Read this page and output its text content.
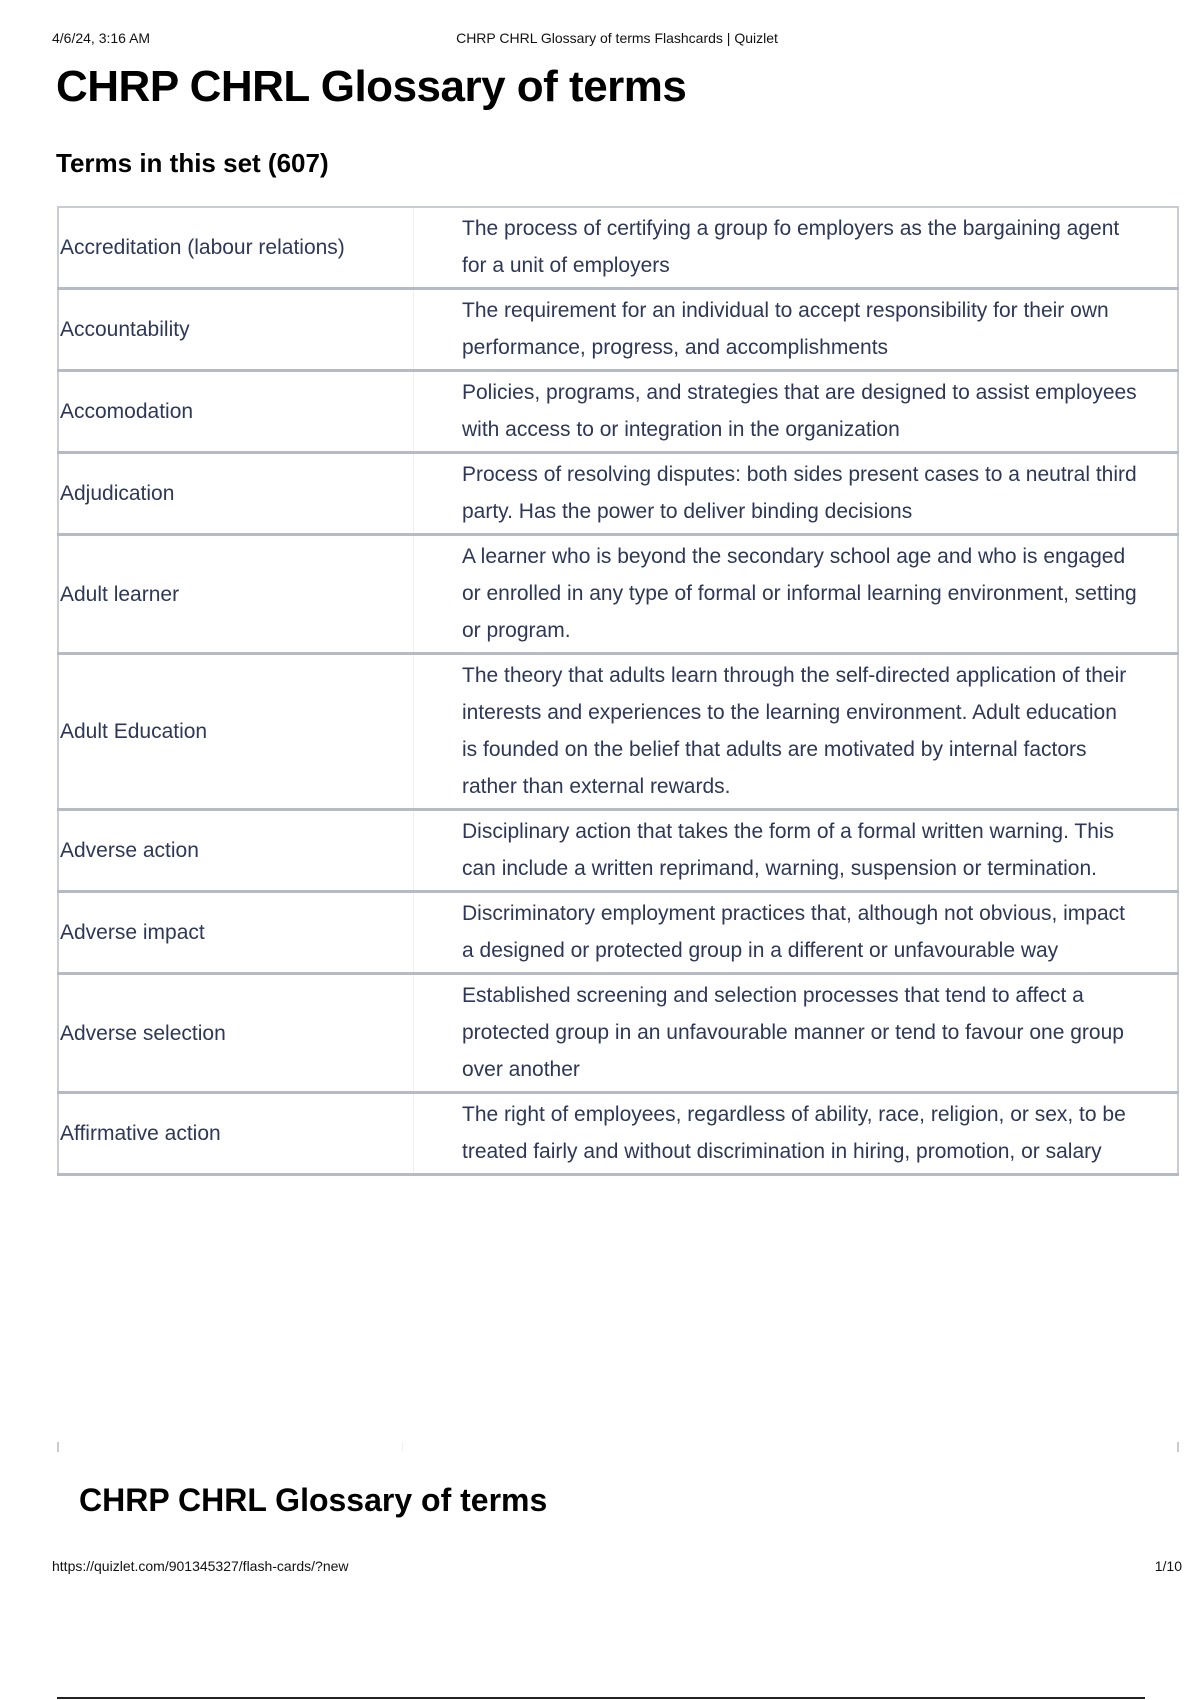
4/6/24, 3:16 AM	CHRP CHRL Glossary of terms Flashcards | Quizlet
CHRP CHRL Glossary of terms
Terms in this set (607)
Accreditation (labour relations)	The process of certifying a group fo employers as the bargaining agent for a unit of employers
Accountability	The requirement for an individual to accept responsibility for their own performance, progress, and accomplishments
Accomodation	Policies, programs, and strategies that are designed to assist employees with access to or integration in the organization
Adjudication	Process of resolving disputes: both sides present cases to a neutral third party. Has the power to deliver binding decisions
Adult learner	A learner who is beyond the secondary school age and who is engaged or enrolled in any type of formal or informal learning environment, setting or program.
Adult Education	The theory that adults learn through the self-directed application of their interests and experiences to the learning environment. Adult education is founded on the belief that adults are motivated by internal factors rather than external rewards.
Adverse action	Disciplinary action that takes the form of a formal written warning. This can include a written reprimand, warning, suspension or termination.
Adverse impact	Discriminatory employment practices that, although not obvious, impact a designed or protected group in a different or unfavourable way
Adverse selection	Established screening and selection processes that tend to affect a protected group in an unfavourable manner or tend to favour one group over another
Affirmative action	The right of employees, regardless of ability, race, religion, or sex, to be treated fairly and without discrimination in hiring, promotion, or salary
CHRP CHRL Glossary of terms
https://quizlet.com/901345327/flash-cards/?new	1/10
